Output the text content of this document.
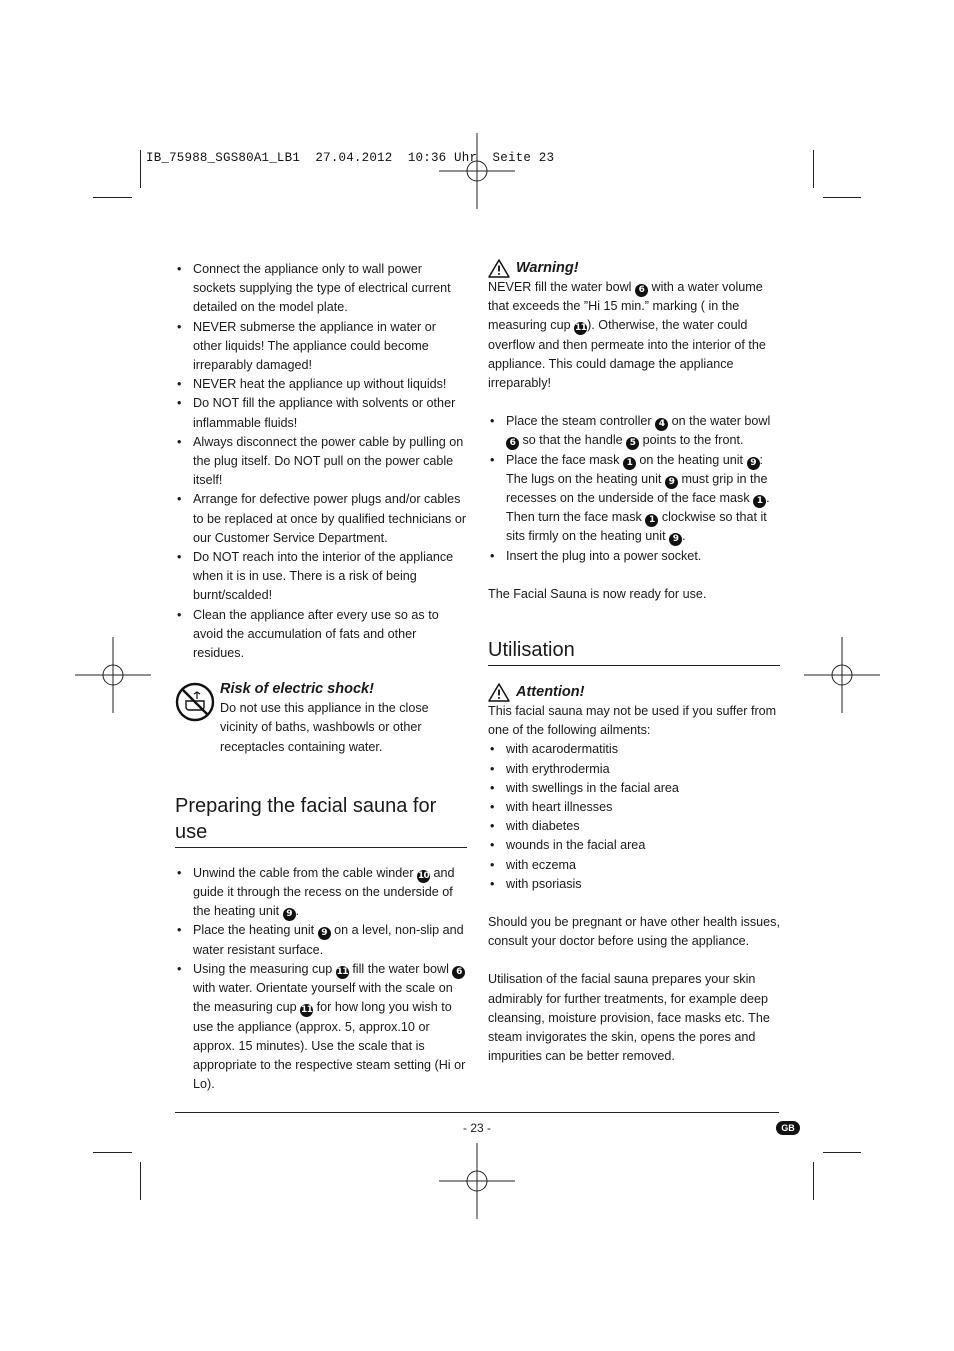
IB_75988_SGS80A1_LB1  27.04.2012  10:36 Uhr  Seite 23
• Connect the appliance only to wall power sockets supplying the type of electrical current detailed on the model plate.
• NEVER submerse the appliance in water or other liquids! The appliance could become irreparably damaged!
• NEVER heat the appliance up without liquids!
• Do NOT fill the appliance with solvents or other inflammable fluids!
• Always disconnect the power cable by pulling on the plug itself. Do NOT pull on the power cable itself!
• Arrange for defective power plugs and/or cables to be replaced at once by qualified technicians or our Customer Service Department.
• Do NOT reach into the interior of the appliance when it is in use. There is a risk of being burnt/scalded!
• Clean the appliance after every use so as to avoid the accumulation of fats and other residues.
Risk of electric shock!
Do not use this appliance in the close vicinity of baths, washbowls or other receptacles containing water.
Preparing the facial sauna for use
• Unwind the cable from the cable winder 10 and guide it through the recess on the underside of the heating unit 9 .
• Place the heating unit 9 on a level, non-slip and water resistant surface.
• Using the measuring cup 11 fill the water bowl 6 with water. Orientate yourself with the scale on the measuring cup 11 for how long you wish to use the appliance (approx. 5, approx.10 or approx. 15 minutes). Use the scale that is appropriate to the respective steam setting (Hi or Lo).
Warning!
NEVER fill the water bowl 6 with a water volume that exceeds the ”Hi 15 min.” marking ( in the measuring cup 11). Otherwise, the water could overflow and then permeate into the interior of the appliance. This could damage the appliance irreparably!
• Place the steam controller 4 on the water bowl 6 so that the handle 5 points to the front.
• Place the face mask 1 on the heating unit 9 : The lugs on the heating unit 9 must grip in the recesses on the underside of the face mask 1 . Then turn the face mask 1 clockwise so that it sits firmly on the heating unit 9 .
• Insert the plug into a power socket.
The Facial Sauna is now ready for use.
Utilisation
Attention!
This facial sauna may not be used if you suffer from one of the following ailments:
• with acarodermatitis
• with erythrodermia
• with swellings in the facial area
• with heart illnesses
• with diabetes
• wounds in the facial area
• with eczema
• with psoriasis
Should you be pregnant or have other health issues, consult your doctor before using the appliance.
Utilisation of the facial sauna prepares your skin admirably for further treatments, for example deep cleansing, moisture provision, face masks etc. The steam invigorates the skin, opens the pores and impurities can be better removed.
- 23 -	GB
